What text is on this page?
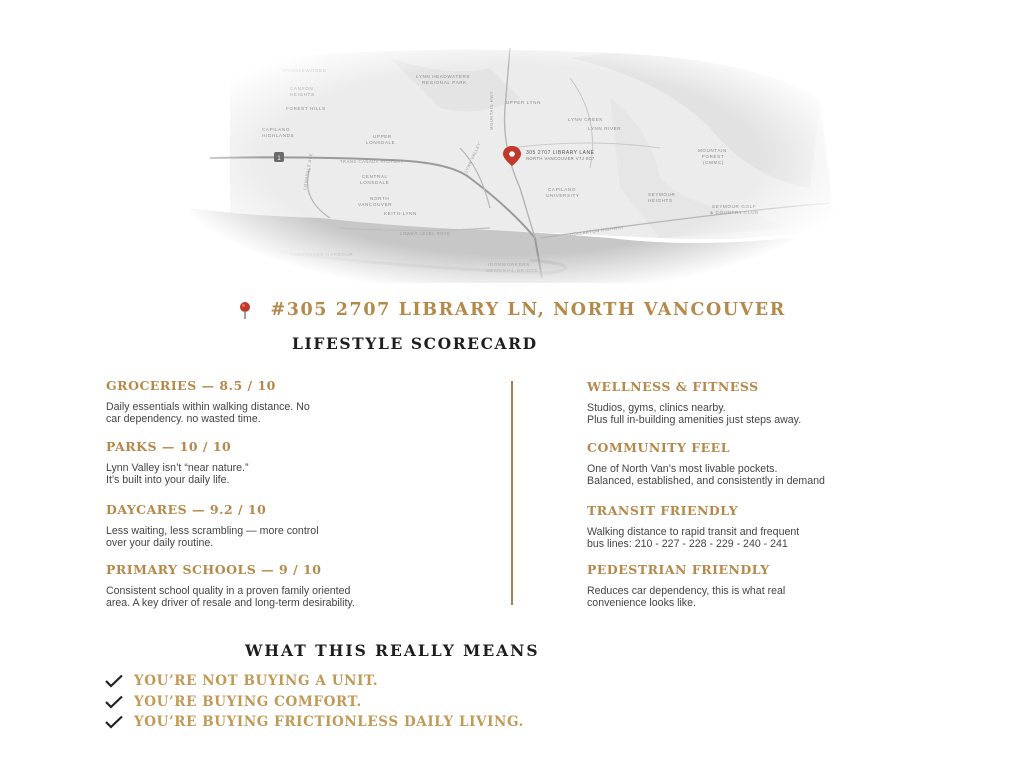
#305 2707 LIBRARY LN, NORTH VANCOUVER
LIFESTYLE SCORECARD
GROCERIES — 8.5 / 10

Daily essentials within walking distance. No

car dependency. no wasted time.

PARKS — 10 / 10

Lynn Valley isn’t “near nature.”

It’s built into your daily life.

DAYCARES — 9.2 / 10

Less waiting, less scrambling — more control

over your daily routine.

PRIMARY SCHOOLS — 9 / 10

Consistent school quality in a proven family oriented

area. A key driver of resale and long-term desirability.

WELLNESS & FITNESS

Studios, gyms, clinics nearby.

Plus full in-building amenities just steps away.

COMMUNITY FEEL

One of North Van’s most livable pockets.

Balanced, established, and consistently in demand

TRANSIT FRIENDLY

Walking distance to rapid transit and frequent

bus lines: 210 - 227 - 228 - 229 - 240 - 241

PEDESTRIAN FRIENDLY

Reduces car dependency, this is what real

convenience looks like.

WHAT THIS REALLY MEANS
YOU’RE NOT BUYING A UNIT.
YOU’RE BUYING COMFORT.
YOU’RE BUYING FRICTIONLESS DAILY LIVING.
